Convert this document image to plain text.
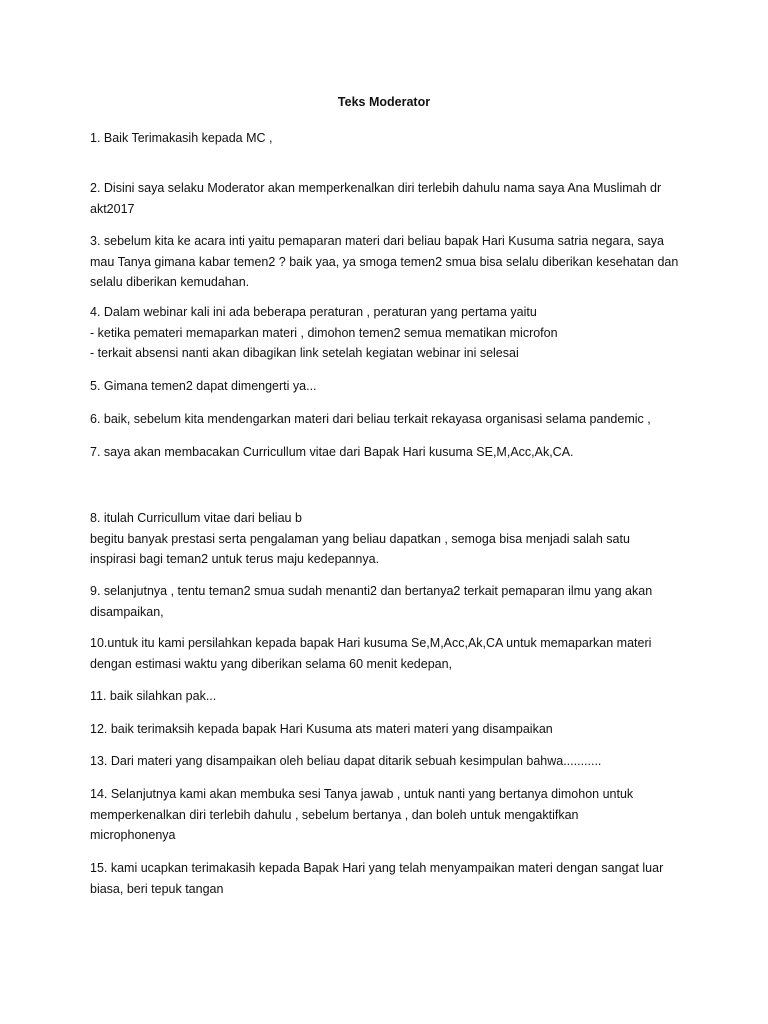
Teks Moderator

1. Baik Terimakasih kepada MC ,

2. Disini saya selaku Moderator akan memperkenalkan diri terlebih dahulu nama saya Ana Muslimah dr
akt2017

3. sebelum kita ke acara inti yaitu pemaparan materi dari beliau bapak Hari Kusuma satria negara, saya
mau Tanya gimana kabar temen2 ? baik yaa, ya smoga temen2 smua bisa selalu diberikan kesehatan dan
selalu diberikan kemudahan.

4. Dalam webinar kali ini ada beberapa peraturan , peraturan yang pertama yaitu
- ketika pemateri memaparkan materi , dimohon temen2 semua mematikan microfon
- terkait absensi nanti akan dibagikan link setelah kegiatan webinar ini selesai

5. Gimana temen2 dapat dimengerti ya...

6. baik, sebelum kita mendengarkan materi dari beliau terkait rekayasa organisasi selama pandemic ,

7. saya akan membacakan Curricullum vitae dari Bapak Hari kusuma SE,M,Acc,Ak,CA.

8. itulah Curricullum vitae dari beliau b
begitu banyak prestasi serta pengalaman yang beliau dapatkan , semoga bisa menjadi salah satu
inspirasi bagi teman2 untuk terus maju kedepannya.

9. selanjutnya , tentu teman2 smua sudah menanti2 dan bertanya2 terkait pemaparan ilmu yang akan
disampaikan,

10.untuk itu kami persilahkan kepada bapak Hari kusuma Se,M,Acc,Ak,CA untuk memaparkan materi
dengan estimasi waktu yang diberikan selama 60 menit kedepan,

11. baik silahkan pak...

12. baik terimaksih kepada bapak Hari Kusuma ats materi materi yang disampaikan

13. Dari materi yang disampaikan oleh beliau dapat ditarik sebuah kesimpulan bahwa...........

14. Selanjutnya kami akan membuka sesi Tanya jawab , untuk nanti yang bertanya dimohon untuk
memperkenalkan diri terlebih dahulu , sebelum bertanya , dan boleh untuk mengaktifkan
microphonenya

15. kami ucapkan terimakasih kepada Bapak Hari yang telah menyampaikan materi dengan sangat luar
biasa, beri tepuk tangan
